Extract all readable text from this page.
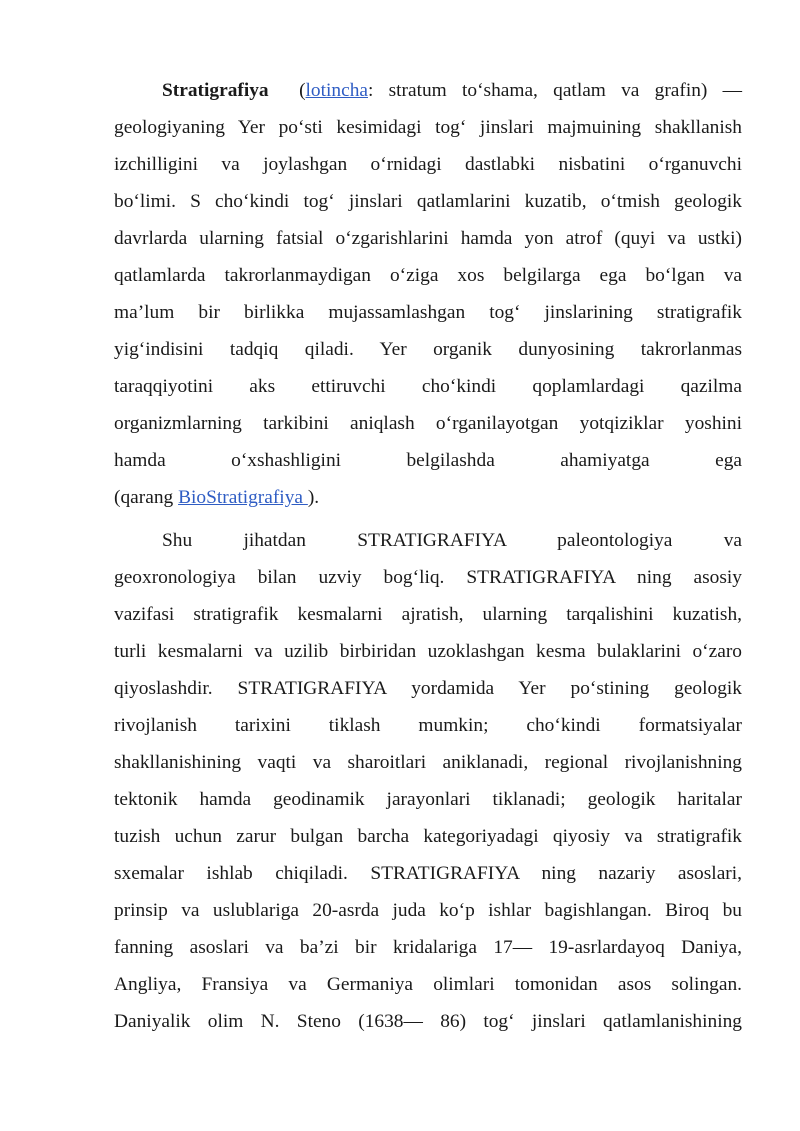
Stratigrafiya (lotincha: stratum to‘shama, qatlam va grafin) —
geologiyaning Yer po‘sti kesimidagi tog‘ jinslari majmuining shakllanish
izchilligini va joylashgan o‘rnidagi dastlabki nisbatini o‘rganuvchi
bo‘limi. S cho‘kindi tog‘ jinslari qatlamlarini kuzatib, o‘tmish geologik
davrlarda ularning fatsial o‘zgarishlarini hamda yon atrof (quyi va ustki)
qatlamlarda takrorlanmaydigan o‘ziga xos belgilarga ega bo‘lgan va
ma’lum bir birlikka mujassamlashgan tog‘ jinslarining stratigrafik
yig‘indisini tadqiq qiladi. Yer organik dunyosining takrorlanmas
taraqqiyotini aks ettiruvchi cho‘kindi qoplamlardagi qazilma
organizmlarning tarkibini aniqlash o‘rganilayotgan yotqiziklar yoshini
hamda o‘xshashligini belgilashda ahamiyatga ega
(qarang BioStratigrafiya ).
Shu jihatdan STRATIGRAFIYA paleontologiya va
geoxronologiya bilan uzviy bog‘liq. STRATIGRAFIYA ning asosiy
vazifasi stratigrafik kesmalarni ajratish, ularning tarqalishini kuzatish,
turli kesmalarni va uzilib birbiridan uzoklashgan kesma bulaklarini o‘zaro
qiyoslashdir. STRATIGRAFIYA yordamida Yer po‘stining geologik
rivojlanish tarixini tiklash mumkin; cho‘kindi formatsiyalar
shakllanishining vaqti va sharoitlari aniklanadi, regional rivojlanishning
tektonik hamda geodinamik jarayonlari tiklanadi; geologik haritalar
tuzish uchun zarur bulgan barcha kategoriyadagi qiyosiy va stratigrafik
sxemalar ishlab chiqiladi. STRATIGRAFIYA ning nazariy asoslari,
prinsip va uslublariga 20-asrda juda ko‘p ishlar bagishlangan. Biroq bu
fanning asoslari va ba’zi bir kridalariga 17— 19-asrlardayoq Daniya,
Angliya, Fransiya va Germaniya olimlari tomonidan asos solingan.
Daniyalik olim N. Steno (1638— 86) tog‘ jinslari qatlamlanishining
